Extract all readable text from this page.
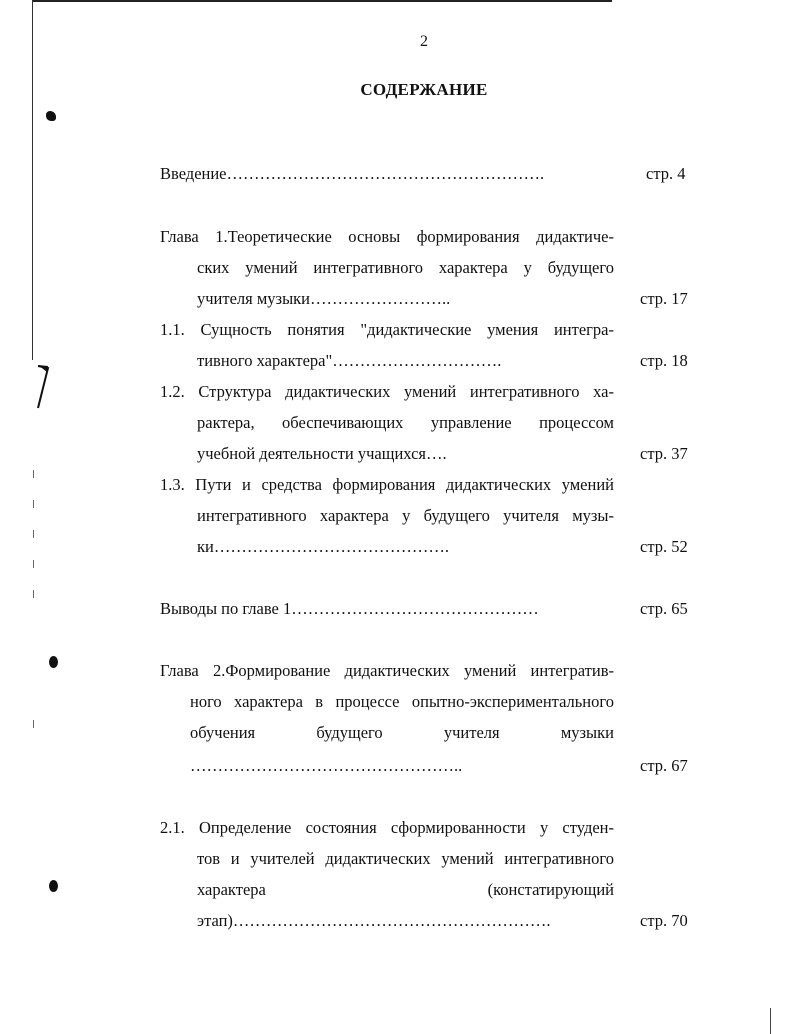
2
СОДЕРЖАНИЕ
Введение………………………………………………….	стр. 4
Глава 1.Теоретические основы формирования дидактиче-
ских умений интегративного характера у будущего
учителя музыки……………………..	стр. 17
1.1. Сущность понятия "дидактические умения интегра-
тивного характера"………………………….	стр. 18
1.2. Структура дидактических умений интегративного ха-
рактера, обеспечивающих управление процессом
учебной деятельности учащихся….	стр. 37
1.3. Пути и средства формирования дидактических умений
интегративного характера у будущего учителя музы-
ки…………………………………….	стр. 52
Выводы по главе 1………………………………………	стр. 65
Глава 2.Формирование дидактических умений интегратив-
ного характера в процессе опытно-экспериментального
обучения будущего учителя музыки
…………………………………………..	стр. 67
2.1. Определение состояния сформированности у студен-
тов и учителей дидактических умений интегративного
характера (констатирующий
этап)………………………………………………….	стр. 70
